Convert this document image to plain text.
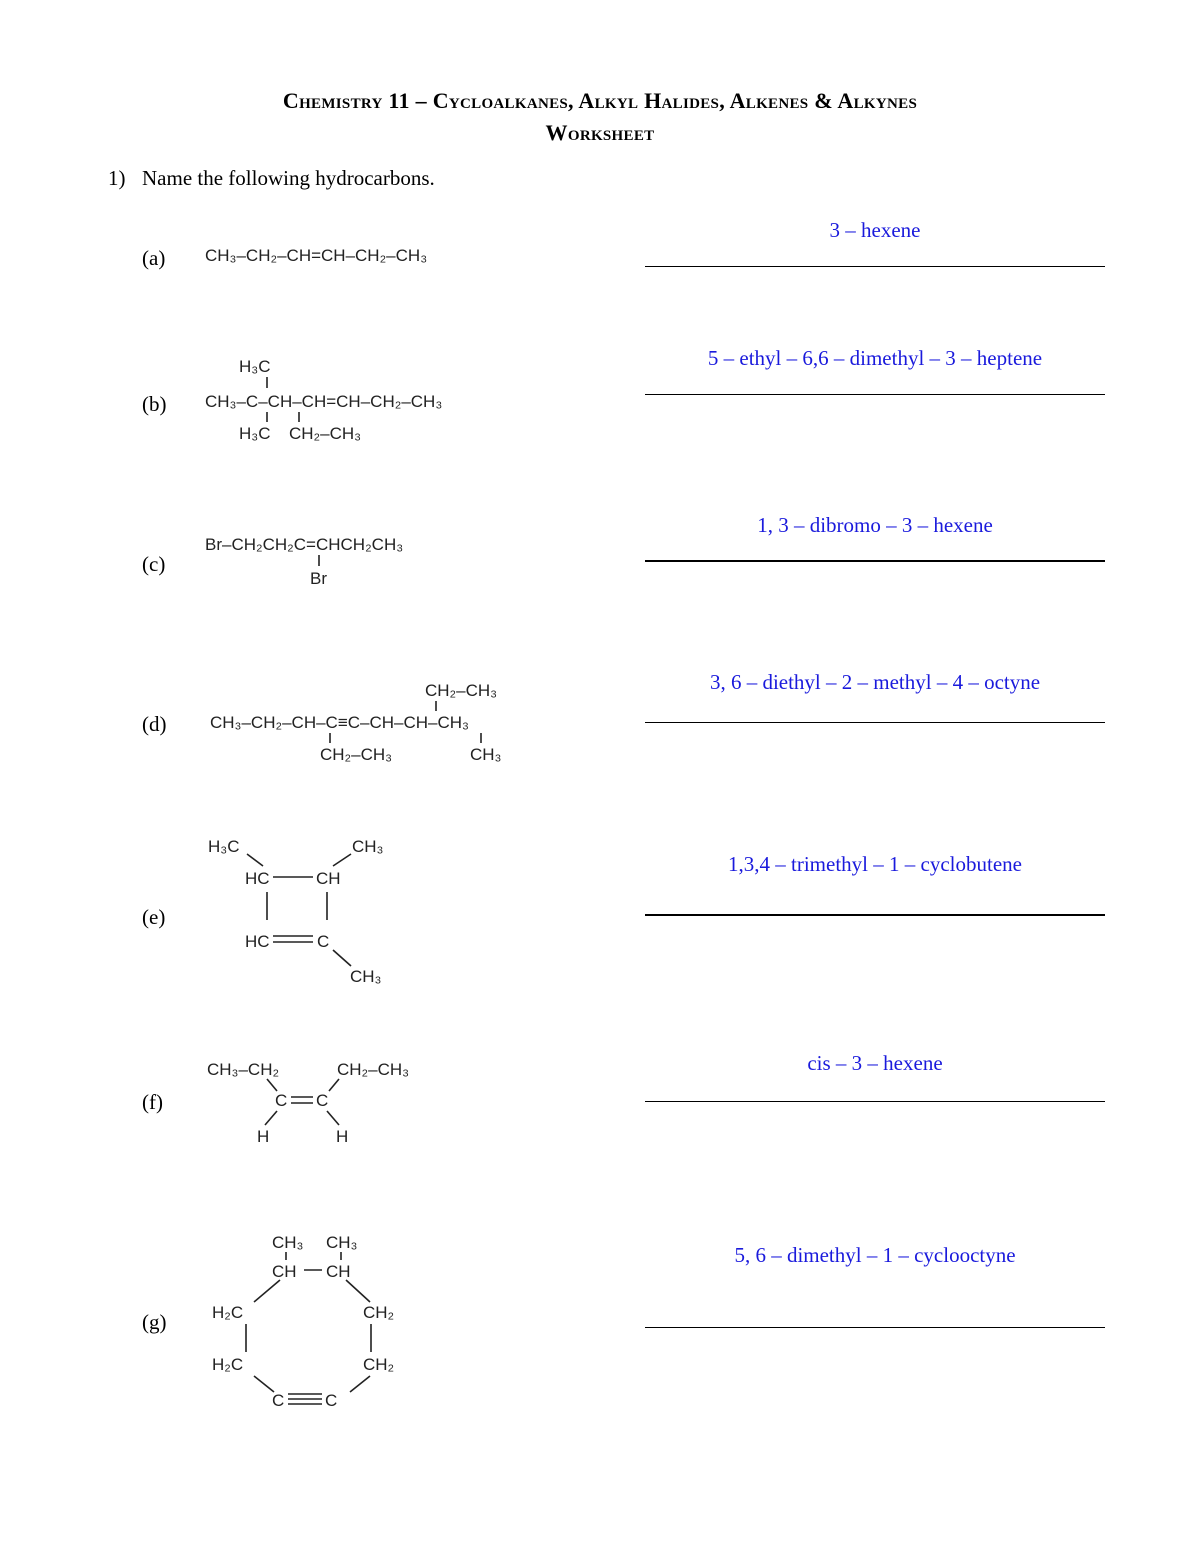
Chemistry 11 – Cycloalkanes, Alkyl Halides, Alkenes & Alkynes
Worksheet
1) Name the following hydrocarbons.
(a)
(b)
(c)
(d)
(e)
(f)
(g)
3 – hexene
5 – ethyl – 6,6 – dimethyl – 3 – heptene
1, 3 – dibromo – 3 – hexene
3, 6 – diethyl – 2 – methyl – 4 – octyne
1,3,4 – trimethyl – 1 – cyclobutene
cis – 3 – hexene
5, 6 – dimethyl – 1 – cyclooctyne
CH₃–CH₂–CH=CH–CH₂–CH₃
H₃C
CH₃–C–CH–CH=CH–CH₂–CH₃
H₃C CH₂–CH₃
Br–CH₂CH₂C=CHCH₂CH₃
Br
CH₂–CH₃
CH₃–CH₂–CH–C≡C–CH–CH–CH₃
CH₂–CH₃	CH₃
H₃C	CH₃
HC	CH
HC	C
CH₃
CH₃–CH₂	CH₂–CH₃
C C
H	H
CH₃ CH₃
CH CH
H₂C	CH₂
H₂C	CH₂
C C
